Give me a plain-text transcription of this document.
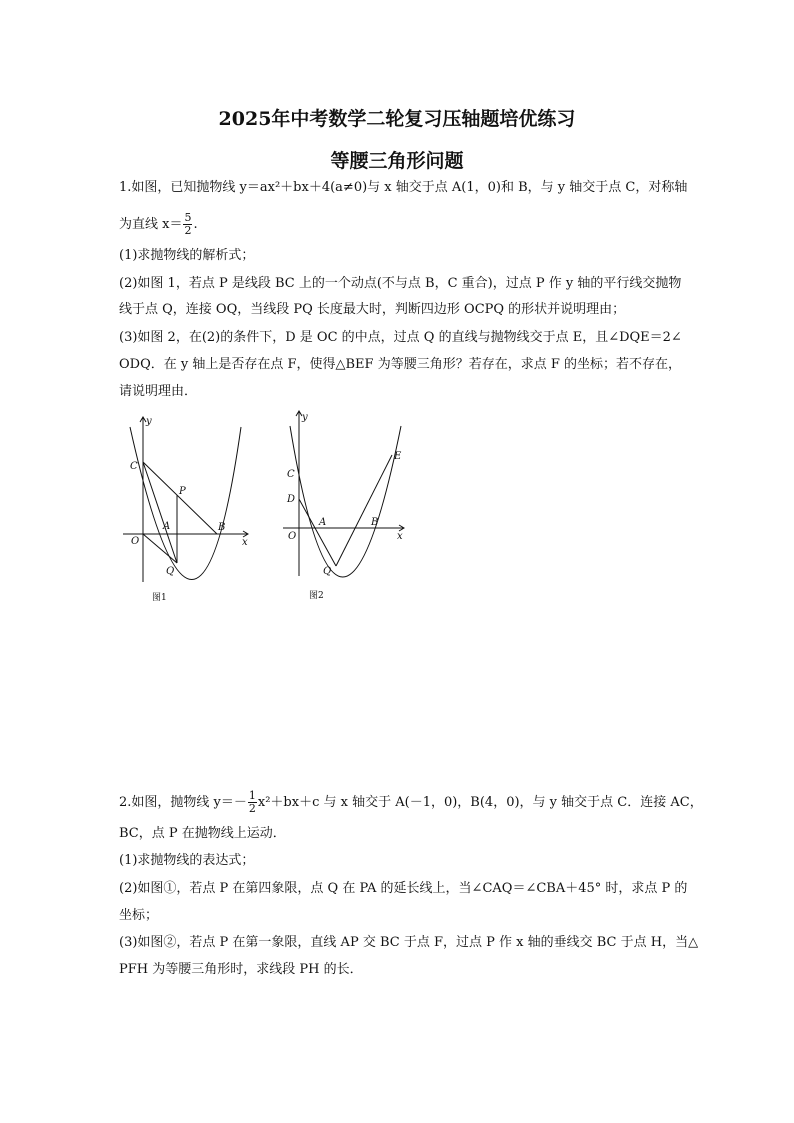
2025年中考数学二轮复习压轴题培优练习
等腰三角形问题
1.如图，已知抛物线 y＝ax²＋bx＋4(a≠0)与 x 轴交于点 A(1，0)和 B，与 y 轴交于点 C，对称轴
为直线 $x= \frac{5}{2}$ .
(1)求抛物线的解析式；
(2)如图 1，若点 P 是线段 BC 上的一个动点(不与点 B，C 重合)，过点 P 作 y 轴的平行线交抛物
线于点 Q，连接 OQ，当线段 PQ 长度最大时，判断四边形 OCPQ 的形状并说明理由；
(3)如图 2，在(2)的条件下，D 是 OC 的中点，过点 Q 的直线与抛物线交于点 E，且∠DQE＝2∠
ODQ．在 y 轴上是否存在点 F，使得△BEF 为等腰三角形？若存在，求点 F 的坐标；若不存在，
请说明理由．
y
x
C
P
A	B
O
Q
图1
y
x
C
D
E
A	B
O
Q
图2
2.如图，抛物线 $y=- \frac{1}{2} x^2+bx+c$ 与 x 轴交于 A(－1，0)，B(4，0)，与 y 轴交于点 C．连接 AC，
BC，点 P 在抛物线上运动．
(1)求抛物线的表达式；
(2)如图①，若点 P 在第四象限，点 Q 在 PA 的延长线上，当∠CAQ＝∠CBA＋45° 时，求点 P 的
坐标；
(3)如图②，若点 P 在第一象限，直线 AP 交 BC 于点 F，过点 P 作 x 轴的垂线交 BC 于点 H，当△
PFH 为等腰三角形时，求线段 PH 的长．
